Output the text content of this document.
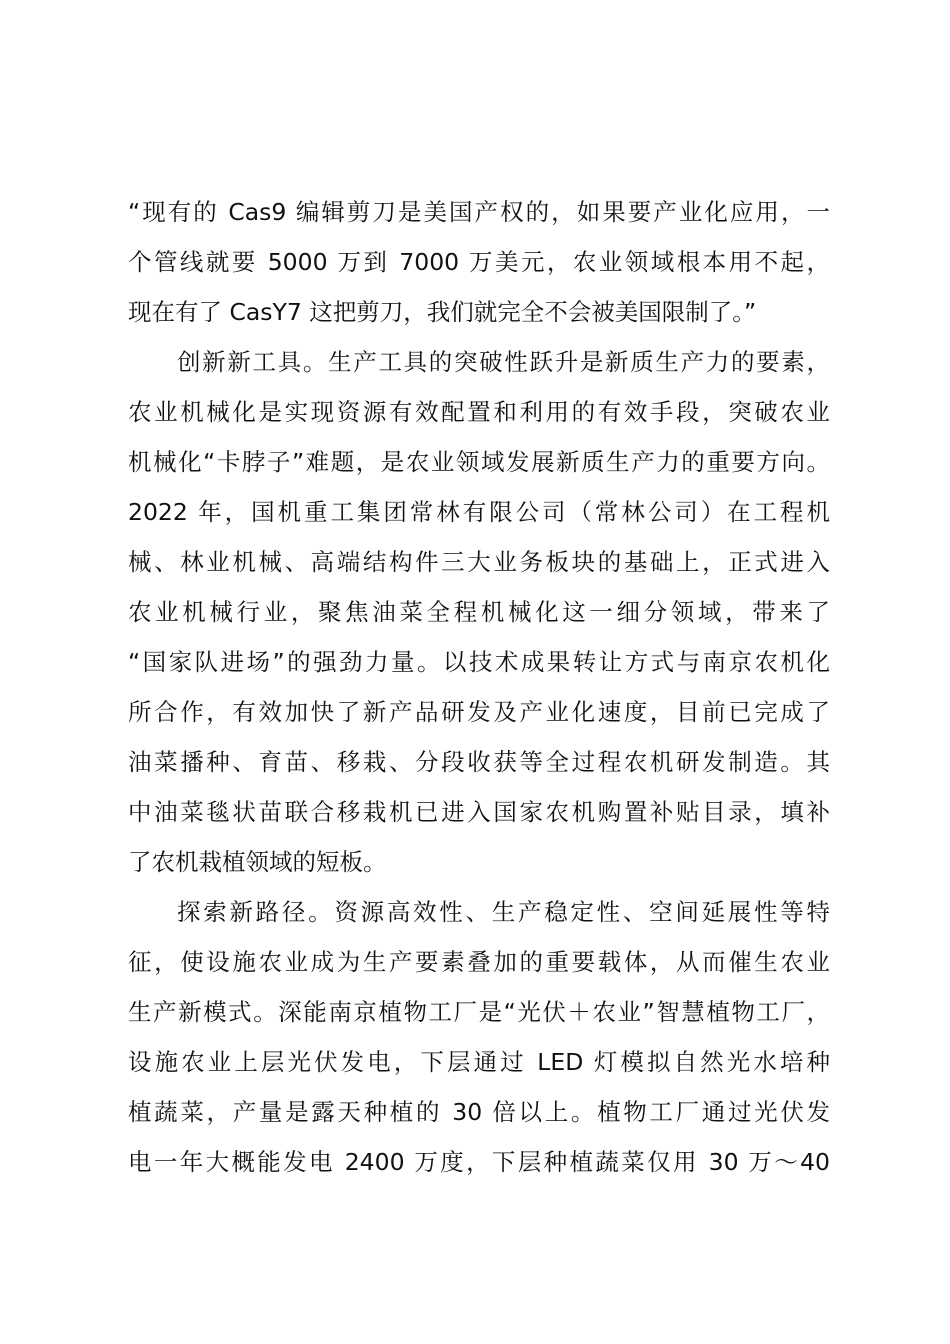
“现有的 Cas9 编辑剪刀是美国产权的，如果要产业化应用，一
个管线就要 5000 万到 7000 万美元，农业领域根本用不起，
现在有了 CasY7 这把剪刀，我们就完全不会被美国限制了。”
创新新工具。生产工具的突破性跃升是新质生产力的要素，
农业机械化是实现资源有效配置和利用的有效手段，突破农业
机械化“卡脖子”难题，是农业领域发展新质生产力的重要方向。
2022 年，国机重工集团常林有限公司（常林公司）在工程机
械、林业机械、高端结构件三大业务板块的基础上，正式进入
农业机械行业，聚焦油菜全程机械化这一细分领域，带来了
“国家队进场”的强劲力量。以技术成果转让方式与南京农机化
所合作，有效加快了新产品研发及产业化速度，目前已完成了
油菜播种、育苗、移栽、分段收获等全过程农机研发制造。其
中油菜毯状苗联合移栽机已进入国家农机购置补贴目录，填补
了农机栽植领域的短板。
探索新路径。资源高效性、生产稳定性、空间延展性等特
征，使设施农业成为生产要素叠加的重要载体，从而催生农业
生产新模式。深能南京植物工厂是“光伏＋农业”智慧植物工厂，
设施农业上层光伏发电，下层通过 LED 灯模拟自然光水培种
植蔬菜，产量是露天种植的 30 倍以上。植物工厂通过光伏发
电一年大概能发电 2400 万度，下层种植蔬菜仅用 30 万～40
